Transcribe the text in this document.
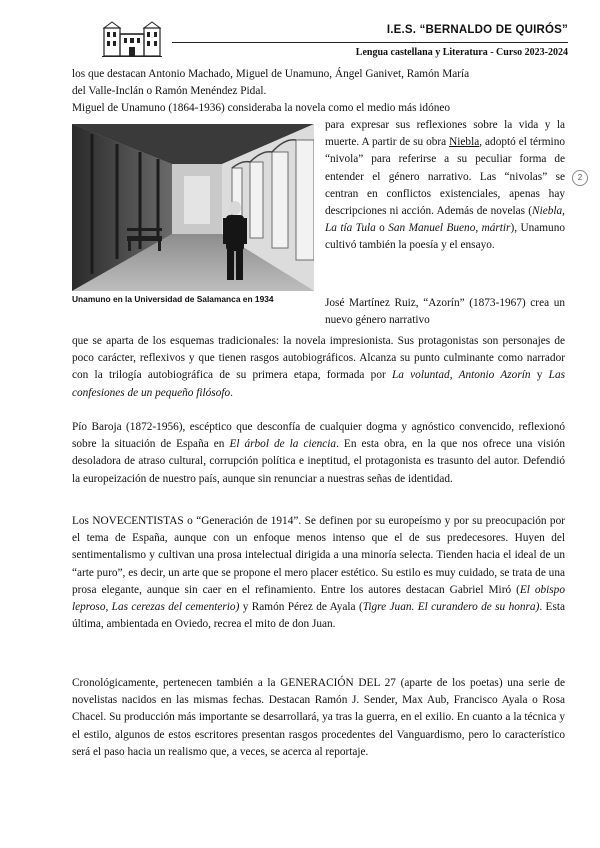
I.E.S. “BERNALDO DE QUIRÓS”
Lengua castellana y Literatura - Curso 2023-2024
2
los que destacan Antonio Machado, Miguel de Unamuno, Ángel Ganivet, Ramón María
del Valle-Inclán o Ramón Menéndez Pidal.
Miguel de Unamuno (1864-1936) consideraba la novela como el medio más idóneo
Unamuno en la Universidad de Salamanca en 1934
para expresar sus reflexiones sobre la vida y la muerte. A partir de su obra Niebla, adoptó el término “nivola” para referirse a su peculiar forma de entender el género narrativo. Las “nivolas” se centran en conflictos existenciales, apenas hay descripciones ni acción. Además de novelas (Niebla, La tía Tula o San Manuel Bueno, mártir), Unamuno cultivó también la poesía y el ensayo.
José Martínez Ruiz, “Azorín” (1873-1967) crea un nuevo género narrativo
que se aparta de los esquemas tradicionales: la novela impresionista. Sus protagonistas son personajes de poco carácter, reflexivos y que tienen rasgos autobiográficos. Alcanza su punto culminante como narrador con la trilogía autobiográfica de su primera etapa, formada por La voluntad, Antonio Azorín y Las confesiones de un pequeño filósofo.
Pío Baroja (1872-1956), escéptico que desconfía de cualquier dogma y agnóstico convencido, reflexionó sobre la situación de España en El árbol de la ciencia. En esta obra, en la que nos ofrece una visión desoladora de atraso cultural, corrupción política e ineptitud, el protagonista es trasunto del autor. Defendió la europeización de nuestro país, aunque sin renunciar a nuestras señas de identidad.
Los NOVECENTISTAS o “Generación de 1914”. Se definen por su europeísmo y por su preocupación por el tema de España, aunque con un enfoque menos intenso que el de sus predecesores. Huyen del sentimentalismo y cultivan una prosa intelectual dirigida a una minoría selecta. Tienden hacia el ideal de un “arte puro”, es decir, un arte que se propone el mero placer estético. Su estilo es muy cuidado, se trata de una prosa elegante, aunque sin caer en el refinamiento. Entre los autores destacan Gabriel Miró (El obispo leproso, Las cerezas del cementerio) y Ramón Pérez de Ayala (Tigre Juan. El curandero de su honra). Esta última, ambientada en Oviedo, recrea el mito de don Juan.
Cronológicamente, pertenecen también a la GENERACIÓN DEL 27 (aparte de los poetas) una serie de novelistas nacidos en las mismas fechas. Destacan Ramón J. Sender, Max Aub, Francisco Ayala o Rosa Chacel. Su producción más importante se desarrollará, ya tras la guerra, en el exilio. En cuanto a la técnica y el estilo, algunos de estos escritores presentan rasgos procedentes del Vanguardismo, pero lo característico será el paso hacia un realismo que, a veces, se acerca al reportaje.
